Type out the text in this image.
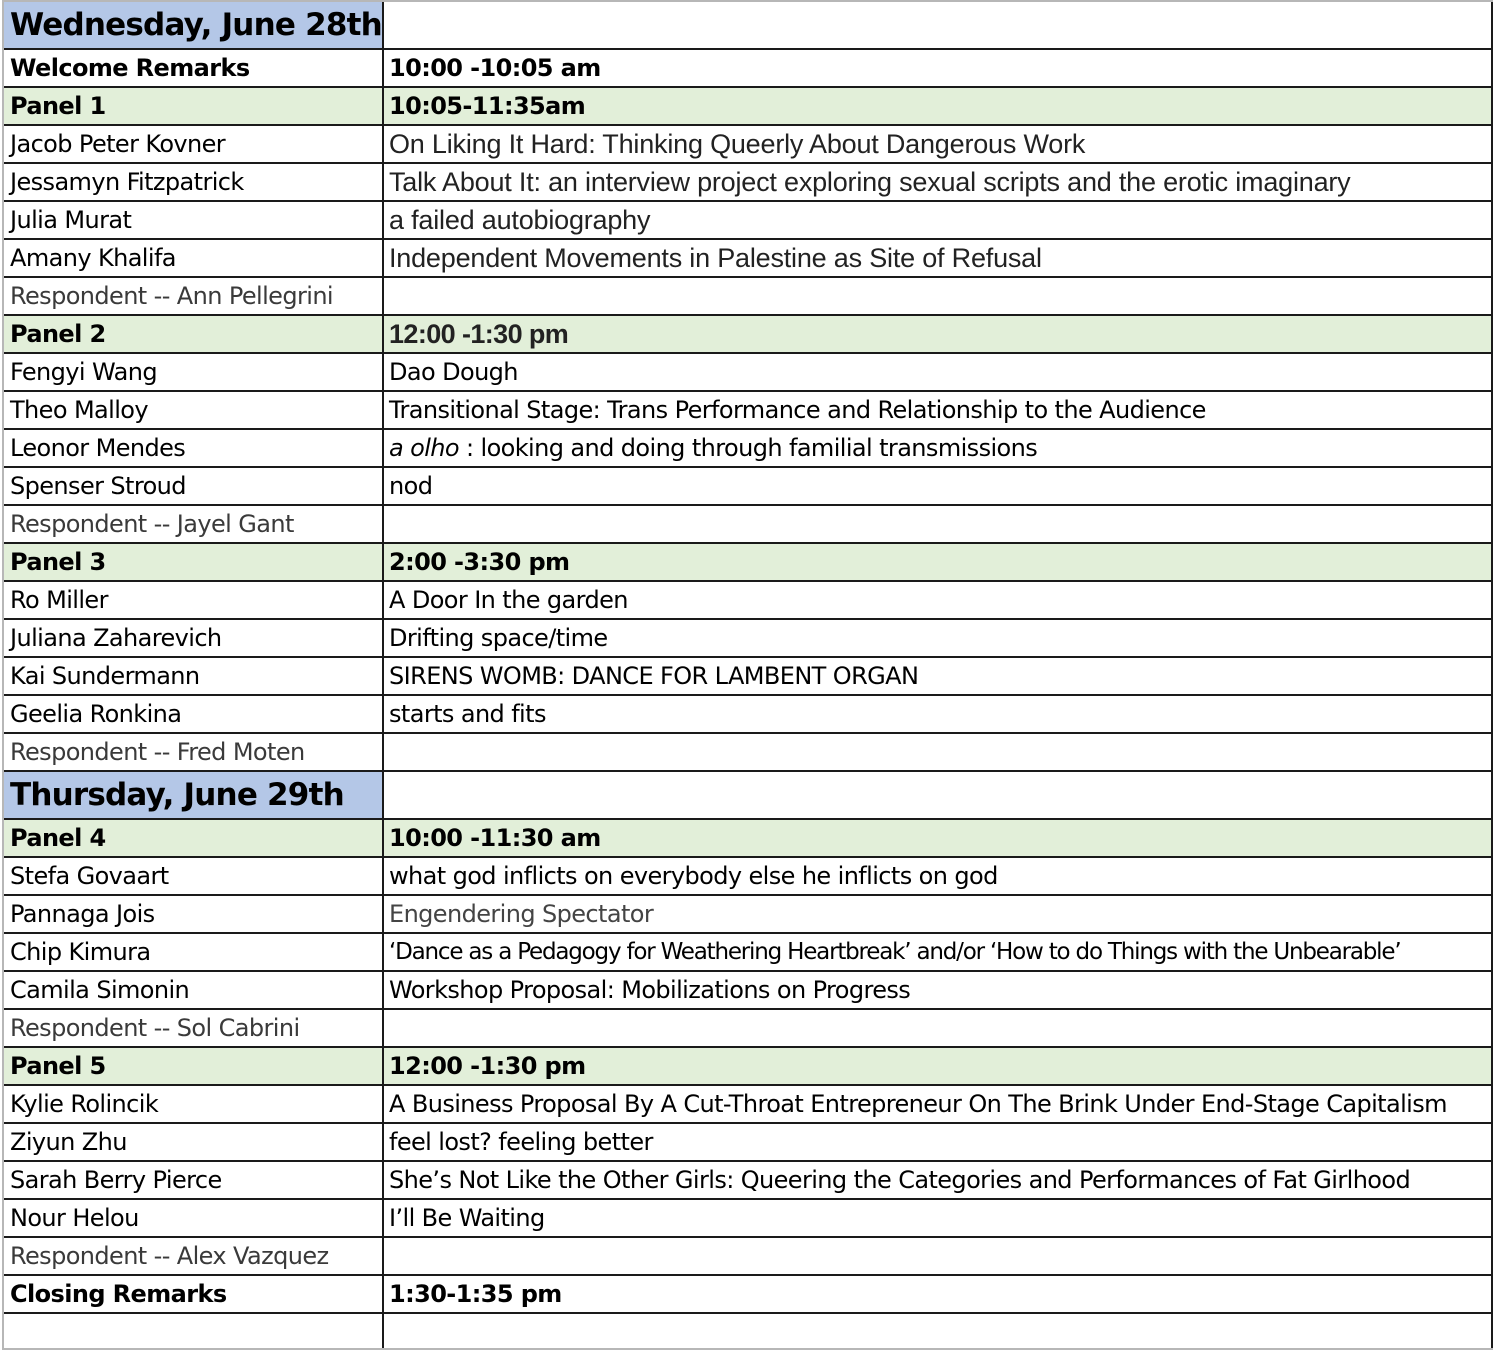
Wednesday, June 28th
Welcome Remarks	10:00 -10:05 am
Panel 1	10:05-11:35am
Jacob Peter Kovner	On Liking It Hard: Thinking Queerly About Dangerous Work
Jessamyn Fitzpatrick	Talk About It: an interview project exploring sexual scripts and the erotic imaginary
Julia Murat	a failed autobiography
Amany Khalifa	Independent Movements in Palestine as Site of Refusal
Respondent -- Ann Pellegrini
Panel 2	12:00 -1:30 pm
Fengyi Wang	Dao Dough
Theo Malloy	Transitional Stage: Trans Performance and Relationship to the Audience
Leonor Mendes	a olho : looking and doing through familial transmissions
Spenser Stroud	nod
Respondent -- Jayel Gant
Panel 3	2:00 -3:30 pm
Ro Miller	A Door In the garden
Juliana Zaharevich	Drifting space/time
Kai Sundermann	SIRENS WOMB: DANCE FOR LAMBENT ORGAN
Geelia Ronkina	starts and fits
Respondent -- Fred Moten
Thursday, June 29th
Panel 4	10:00 -11:30 am
Stefa Govaart	what god inflicts on everybody else he inflicts on god
Pannaga Jois	Engendering Spectator
Chip Kimura	‘Dance as a Pedagogy for Weathering Heartbreak’ and/or ‘How to do Things with the Unbearable’
Camila Simonin	Workshop Proposal: Mobilizations on Progress
Respondent -- Sol Cabrini
Panel 5	12:00 -1:30 pm
Kylie Rolincik	A Business Proposal By A Cut-Throat Entrepreneur On The Brink Under End-Stage Capitalism
Ziyun Zhu	feel lost? feeling better
Sarah Berry Pierce	She’s Not Like the Other Girls: Queering the Categories and Performances of Fat Girlhood
Nour Helou	I’ll Be Waiting
Respondent -- Alex Vazquez
Closing Remarks	1:30-1:35 pm
